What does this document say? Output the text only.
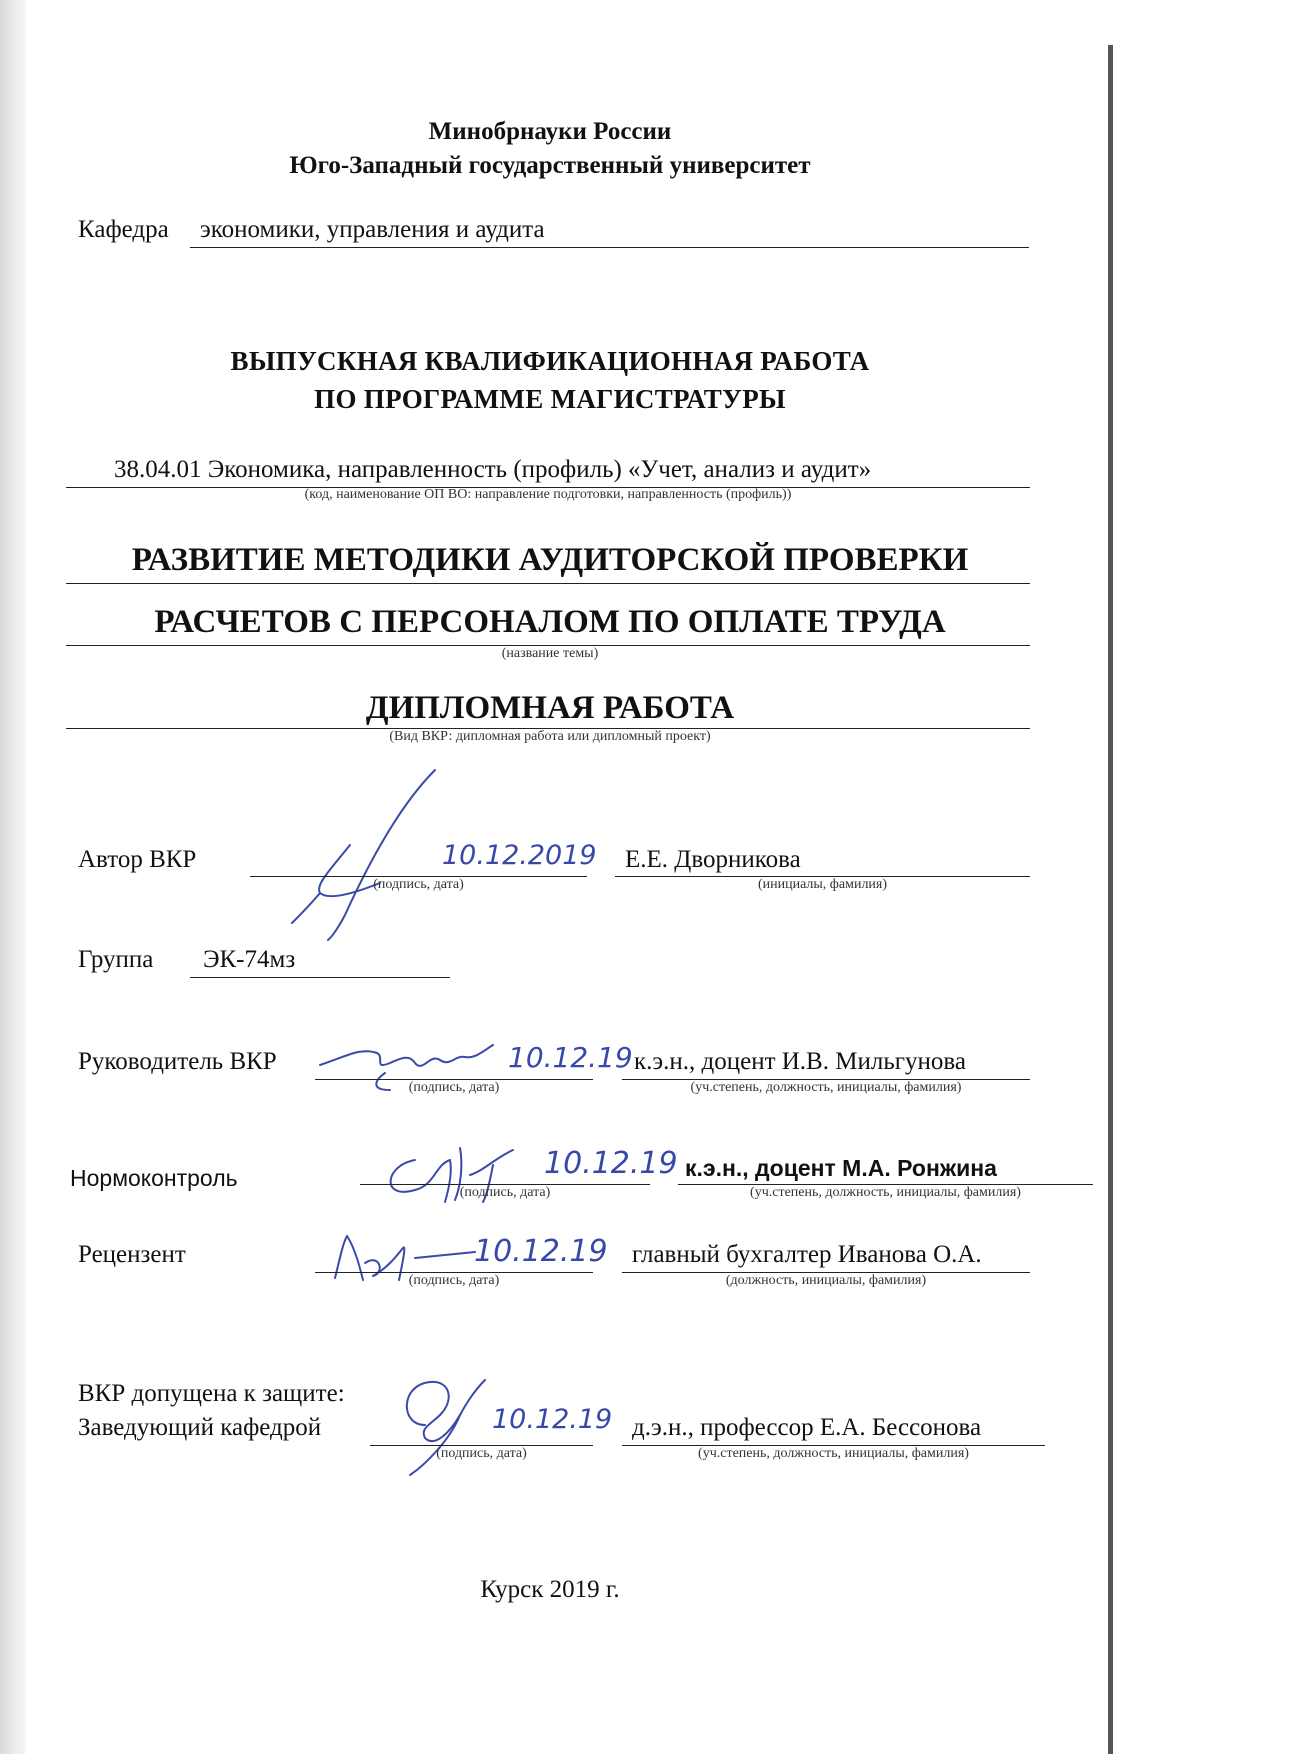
Минобрнауки России
Юго-Западный государственный университет
Кафедра экономики, управления и аудита
ВЫПУСКНАЯ КВАЛИФИКАЦИОННАЯ РАБОТА
ПО ПРОГРАММЕ МАГИСТРАТУРЫ
38.04.01 Экономика, направленность (профиль) «Учет, анализ и аудит»
(код, наименование ОП ВО: направление подготовки, направленность (профиль))
РАЗВИТИЕ МЕТОДИКИ АУДИТОРСКОЙ ПРОВЕРКИ
РАСЧЕТОВ С ПЕРСОНАЛОМ ПО ОПЛАТЕ ТРУДА
(название темы)
ДИПЛОМНАЯ РАБОТА
(Вид ВКР: дипломная работа или дипломный проект)
Автор ВКР	10.12.2019
(подпись, дата)
Е.Е. Дворникова
(инициалы, фамилия)
Группа ЭК-74мз
Руководитель ВКР	10.12.19
(подпись, дата)
к.э.н., доцент И.В. Мильгунова
(уч.степень, должность, инициалы, фамилия)
Нормоконтроль	10.12.19
(подпись, дата)
к.э.н., доцент М.А. Ронжина
(уч.степень, должность, инициалы, фамилия)
Рецензент	10.12.19
(подпись, дата)
главный бухгалтер Иванова О.А.
(должность, инициалы, фамилия)
ВКР допущена к защите:
Заведующий кафедрой	10.12.19
(подпись, дата)
д.э.н., профессор Е.А. Бессонова
(уч.степень, должность, инициалы, фамилия)
Курск 2019 г.
